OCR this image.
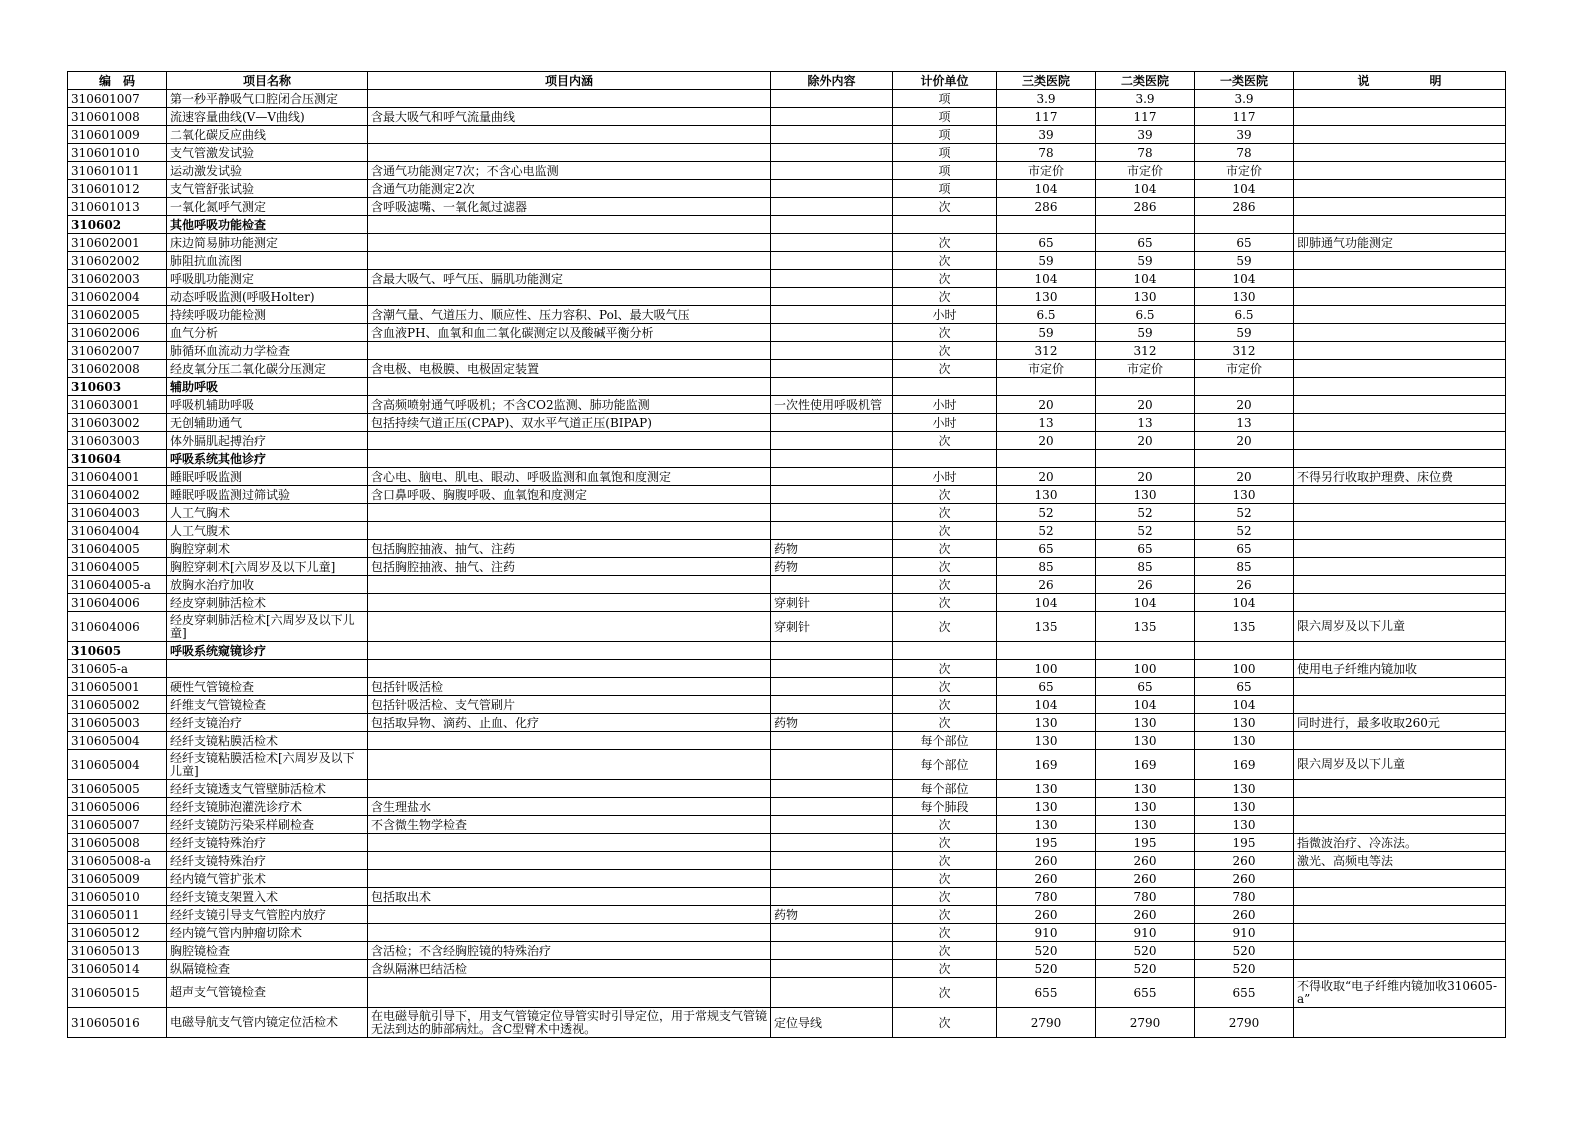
编　码	项目名称	项目内涵	除外内容	计价单位	三类医院	二类医院	一类医院	说　　　　　明
310601007	第一秒平静吸气口腔闭合压测定			项	3.9	3.9	3.9	
310601008	流速容量曲线(V—V曲线)	含最大吸气和呼气流量曲线		项	117	117	117	
310601009	二氧化碳反应曲线			项	39	39	39	
310601010	支气管激发试验			项	78	78	78	
310601011	运动激发试验	含通气功能测定7次；不含心电监测		项	市定价	市定价	市定价	
310601012	支气管舒张试验	含通气功能测定2次		项	104	104	104	
310601013	一氧化氮呼气测定	含呼吸滤嘴、一氧化氮过滤器		次	286	286	286	
310602	其他呼吸功能检查							
310602001	床边简易肺功能测定			次	65	65	65	即肺通气功能测定
310602002	肺阻抗血流图			次	59	59	59	
310602003	呼吸肌功能测定	含最大吸气、呼气压、膈肌功能测定		次	104	104	104	
310602004	动态呼吸监测(呼吸Holter)			次	130	130	130	
310602005	持续呼吸功能检测	含潮气量、气道压力、顺应性、压力容积、Pol、最大吸气压		小时	6.5	6.5	6.5	
310602006	血气分析	含血液PH、血氧和血二氧化碳测定以及酸碱平衡分析		次	59	59	59	
310602007	肺循环血流动力学检查			次	312	312	312	
310602008	经皮氧分压二氧化碳分压测定	含电极、电极膜、电极固定装置		次	市定价	市定价	市定价	
310603	辅助呼吸							
310603001	呼吸机辅助呼吸	含高频喷射通气呼吸机；不含CO2监测、肺功能监测	一次性使用呼吸机管	小时	20	20	20	
310603002	无创辅助通气	包括持续气道正压(CPAP)、双水平气道正压(BIPAP)		小时	13	13	13	
310603003	体外膈肌起搏治疗			次	20	20	20	
310604	呼吸系统其他诊疗							
310604001	睡眠呼吸监测	含心电、脑电、肌电、眼动、呼吸监测和血氧饱和度测定		小时	20	20	20	不得另行收取护理费、床位费
310604002	睡眠呼吸监测过筛试验	含口鼻呼吸、胸腹呼吸、血氧饱和度测定		次	130	130	130	
310604003	人工气胸术			次	52	52	52	
310604004	人工气腹术			次	52	52	52	
310604005	胸腔穿刺术	包括胸腔抽液、抽气、注药	药物	次	65	65	65	
310604005	胸腔穿刺术[六周岁及以下儿童]	包括胸腔抽液、抽气、注药	药物	次	85	85	85	
310604005-a	放胸水治疗加收			次	26	26	26	
310604006	经皮穿刺肺活检术		穿刺针	次	104	104	104	
310604006	经皮穿刺肺活检术[六周岁及以下儿童]		穿刺针	次	135	135	135	限六周岁及以下儿童
310605	呼吸系统窥镜诊疗							
310605-a				次	100	100	100	使用电子纤维内镜加收
310605001	硬性气管镜检查	包括针吸活检		次	65	65	65	
310605002	纤维支气管镜检查	包括针吸活检、支气管刷片		次	104	104	104	
310605003	经纤支镜治疗	包括取异物、滴药、止血、化疗	药物	次	130	130	130	同时进行，最多收取260元
310605004	经纤支镜粘膜活检术			每个部位	130	130	130	
310605004	经纤支镜粘膜活检术[六周岁及以下儿童]			每个部位	169	169	169	限六周岁及以下儿童
310605005	经纤支镜透支气管壁肺活检术			每个部位	130	130	130	
310605006	经纤支镜肺泡灌洗诊疗术	含生理盐水		每个肺段	130	130	130	
310605007	经纤支镜防污染采样刷检查	不含微生物学检查		次	130	130	130	
310605008	经纤支镜特殊治疗			次	195	195	195	指微波治疗、冷冻法。
310605008-a	经纤支镜特殊治疗			次	260	260	260	激光、高频电等法
310605009	经内镜气管扩张术			次	260	260	260	
310605010	经纤支镜支架置入术	包括取出术		次	780	780	780	
310605011	经纤支镜引导支气管腔内放疗		药物	次	260	260	260	
310605012	经内镜气管内肿瘤切除术			次	910	910	910	
310605013	胸腔镜检查	含活检；不含经胸腔镜的特殊治疗		次	520	520	520	
310605014	纵隔镜检查	含纵隔淋巴结活检		次	520	520	520	
310605015	超声支气管镜检查			次	655	655	655	不得收取“电子纤维内镜加收310605-a”
310605016	电磁导航支气管内镜定位活检术	在电磁导航引导下，用支气管镜定位导管实时引导定位，用于常规支气管镜无法到达的肺部病灶。含C型臂术中透视。	定位导线	次	2790	2790	2790	
